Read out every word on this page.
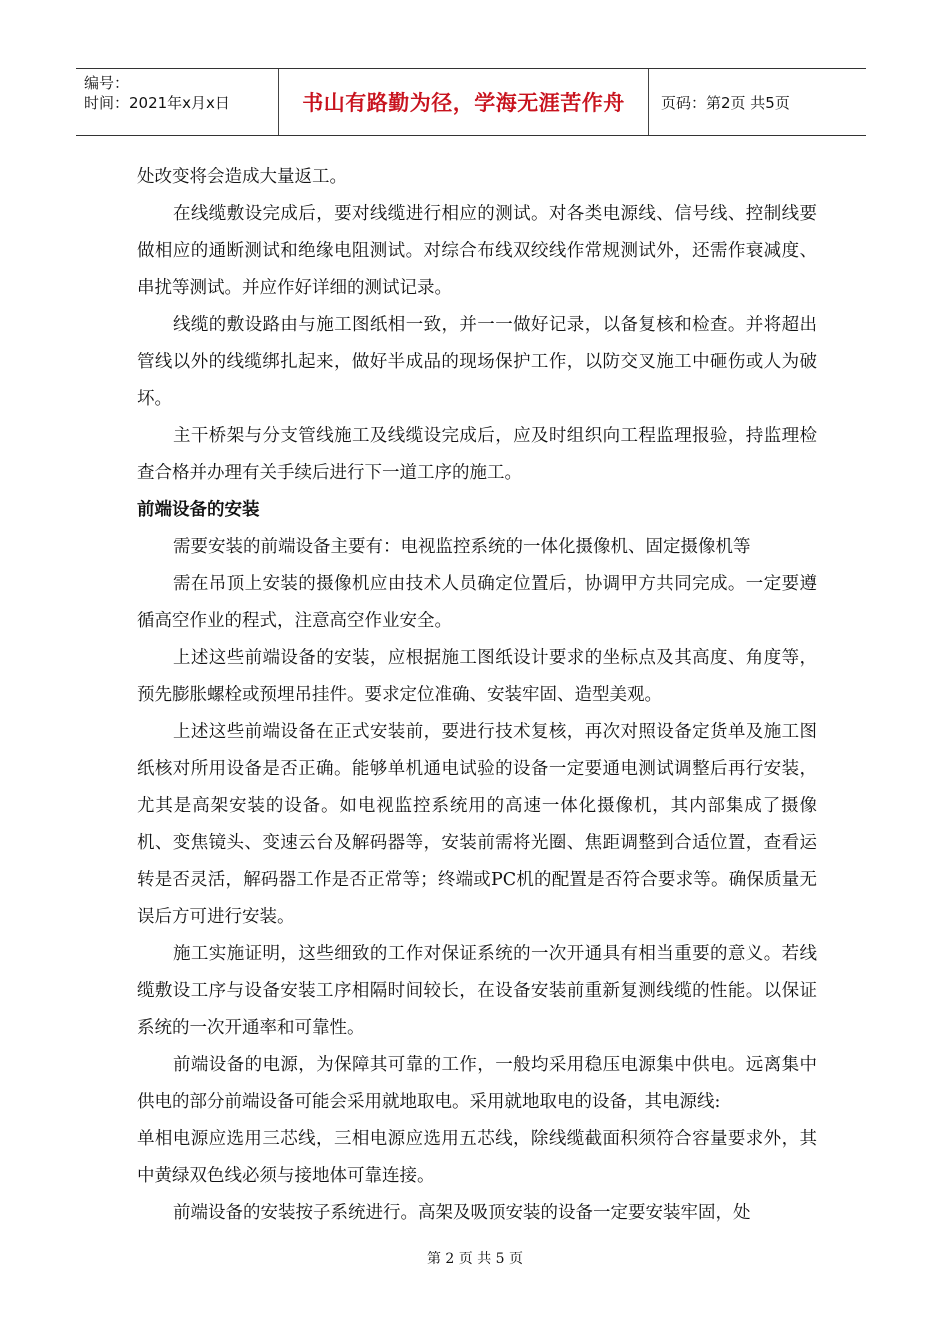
编号：
时间：2021年x月x日	书山有路勤为径，学海无涯苦作舟	页码：第2页 共5页

处改变将会造成大量返工。

在线缆敷设完成后，要对线缆进行相应的测试。对各类电源线、信号线、控制线要做相应的通断测试和绝缘电阻测试。对综合布线双绞线作常规测试外，还需作衰减度、串扰等测试。并应作好详细的测试记录。

线缆的敷设路由与施工图纸相一致，并一一做好记录，以备复核和检查。并将超出管线以外的线缆绑扎起来，做好半成品的现场保护工作，以防交叉施工中砸伤或人为破坏。

主干桥架与分支管线施工及线缆设完成后，应及时组织向工程监理报验，持监理检查合格并办理有关手续后进行下一道工序的施工。

前端设备的安装

需要安装的前端设备主要有：电视监控系统的一体化摄像机、固定摄像机等

需在吊顶上安装的摄像机应由技术人员确定位置后，协调甲方共同完成。一定要遵循高空作业的程式，注意高空作业安全。

上述这些前端设备的安装，应根据施工图纸设计要求的坐标点及其高度、角度等，预先膨胀螺栓或预埋吊挂件。要求定位准确、安装牢固、造型美观。

上述这些前端设备在正式安装前，要进行技术复核，再次对照设备定货单及施工图纸核对所用设备是否正确。能够单机通电试验的设备一定要通电测试调整后再行安装，尤其是高架安装的设备。如电视监控系统用的高速一体化摄像机，其内部集成了摄像机、变焦镜头、变速云台及解码器等，安装前需将光圈、焦距调整到合适位置，查看运转是否灵活，解码器工作是否正常等；终端或PC机的配置是否符合要求等。确保质量无误后方可进行安装。

施工实施证明，这些细致的工作对保证系统的一次开通具有相当重要的意义。若线缆敷设工序与设备安装工序相隔时间较长，在设备安装前重新复测线缆的性能。以保证系统的一次开通率和可靠性。

前端设备的电源，为保障其可靠的工作，一般均采用稳压电源集中供电。远离集中供电的部分前端设备可能会采用就地取电。采用就地取电的设备，其电源线:

单相电源应选用三芯线，三相电源应选用五芯线，除线缆截面积须符合容量要求外，其中黄绿双色线必须与接地体可靠连接。

前端设备的安装按子系统进行。高架及吸顶安装的设备一定要安装牢固，处

第 2 页 共 5 页
